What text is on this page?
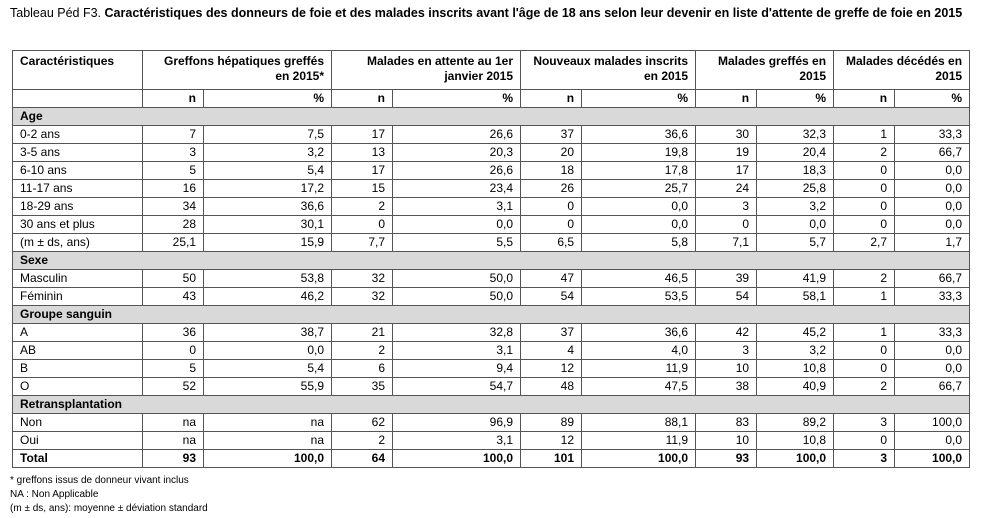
Tableau Péd F3. Caractéristiques des donneurs de foie et des malades inscrits avant l'âge de 18 ans selon leur devenir en liste d'attente de greffe de foie en 2015
Caractéristiques	Greffons hépatiques greffés en 2015*		Malades en attente au 1er janvier 2015		Nouveaux malades inscrits en 2015		Malades greffés en 2015		Malades décédés en 2015	
	n	%	n	%	n	%	n	%	n	%
Age										
0-2 ans	7	7,5	17	26,6	37	36,6	30	32,3	1	33,3
3-5 ans	3	3,2	13	20,3	20	19,8	19	20,4	2	66,7
6-10 ans	5	5,4	17	26,6	18	17,8	17	18,3	0	0,0
11-17 ans	16	17,2	15	23,4	26	25,7	24	25,8	0	0,0
18-29 ans	34	36,6	2	3,1	0	0,0	3	3,2	0	0,0
30 ans et plus	28	30,1	0	0,0	0	0,0	0	0,0	0	0,0
(m ± ds, ans)	25,1	15,9	7,7	5,5	6,5	5,8	7,1	5,7	2,7	1,7
Sexe										
Masculin	50	53,8	32	50,0	47	46,5	39	41,9	2	66,7
Féminin	43	46,2	32	50,0	54	53,5	54	58,1	1	33,3
Groupe sanguin										
A	36	38,7	21	32,8	37	36,6	42	45,2	1	33,3
AB	0	0,0	2	3,1	4	4,0	3	3,2	0	0,0
B	5	5,4	6	9,4	12	11,9	10	10,8	0	0,0
O	52	55,9	35	54,7	48	47,5	38	40,9	2	66,7
Retransplantation										
Non	na	na	62	96,9	89	88,1	83	89,2	3	100,0
Oui	na	na	2	3,1	12	11,9	10	10,8	0	0,0
Total	93	100,0	64	100,0	101	100,0	93	100,0	3	100,0
* greffons issus de donneur vivant inclus
NA : Non Applicable
(m ± ds, ans): moyenne ± déviation standard
